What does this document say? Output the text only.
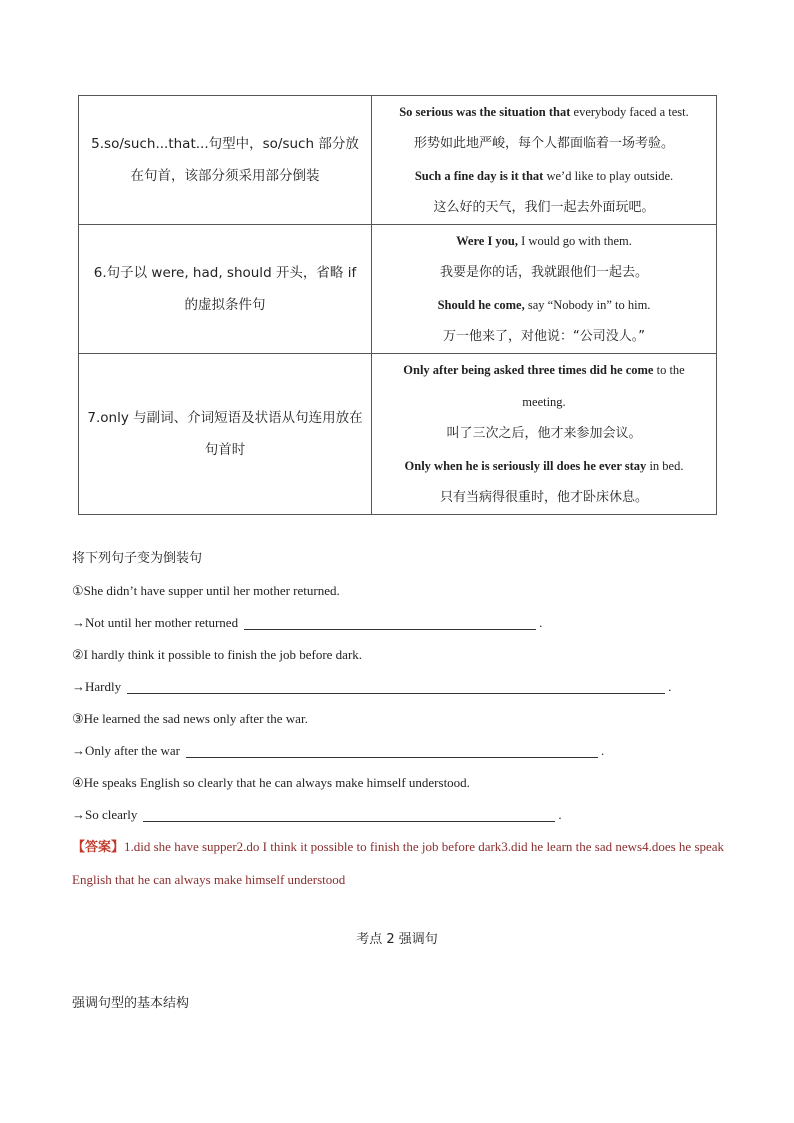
5.so/such...that...句型中，so/such 部分放在句首，该部分须采用部分倒装	So serious was the situation that everybody faced a test.
形势如此地严峻，每个人都面临着一场考验。
Such a fine day is it that we’d like to play outside.
这么好的天气，我们一起去外面玩吧。

6.句子以 were, had, should 开头，省略 if 的虚拟条件句	Were I you, I would go with them.
我要是你的话，我就跟他们一起去。
Should he come, say “Nobody in” to him.
万一他来了，对他说：“公司没人。”

7.only 与副词、介词短语及状语从句连用放在句首时	Only after being asked three times did he come to the
meeting.
叫了三次之后，他才来参加会议。
Only when he is seriously ill does he ever stay in bed.
只有当病得很重时，他才卧床休息。
将下列句子变为倒装句
①She didn’t have supper until her mother returned.
→Not until her mother returned	.
②I hardly think it possible to finish the job before dark.
→Hardly	.
③He learned the sad news only after the war.
→Only after the war	.
④He speaks English so clearly that he can always make himself understood.
→So clearly	.
【答案】1.did she have supper2.do I think it possible to finish the job before dark3.did he learn the sad news4.does he speak English that he can always make himself understood
考点 2 强调句
强调句型的基本结构
